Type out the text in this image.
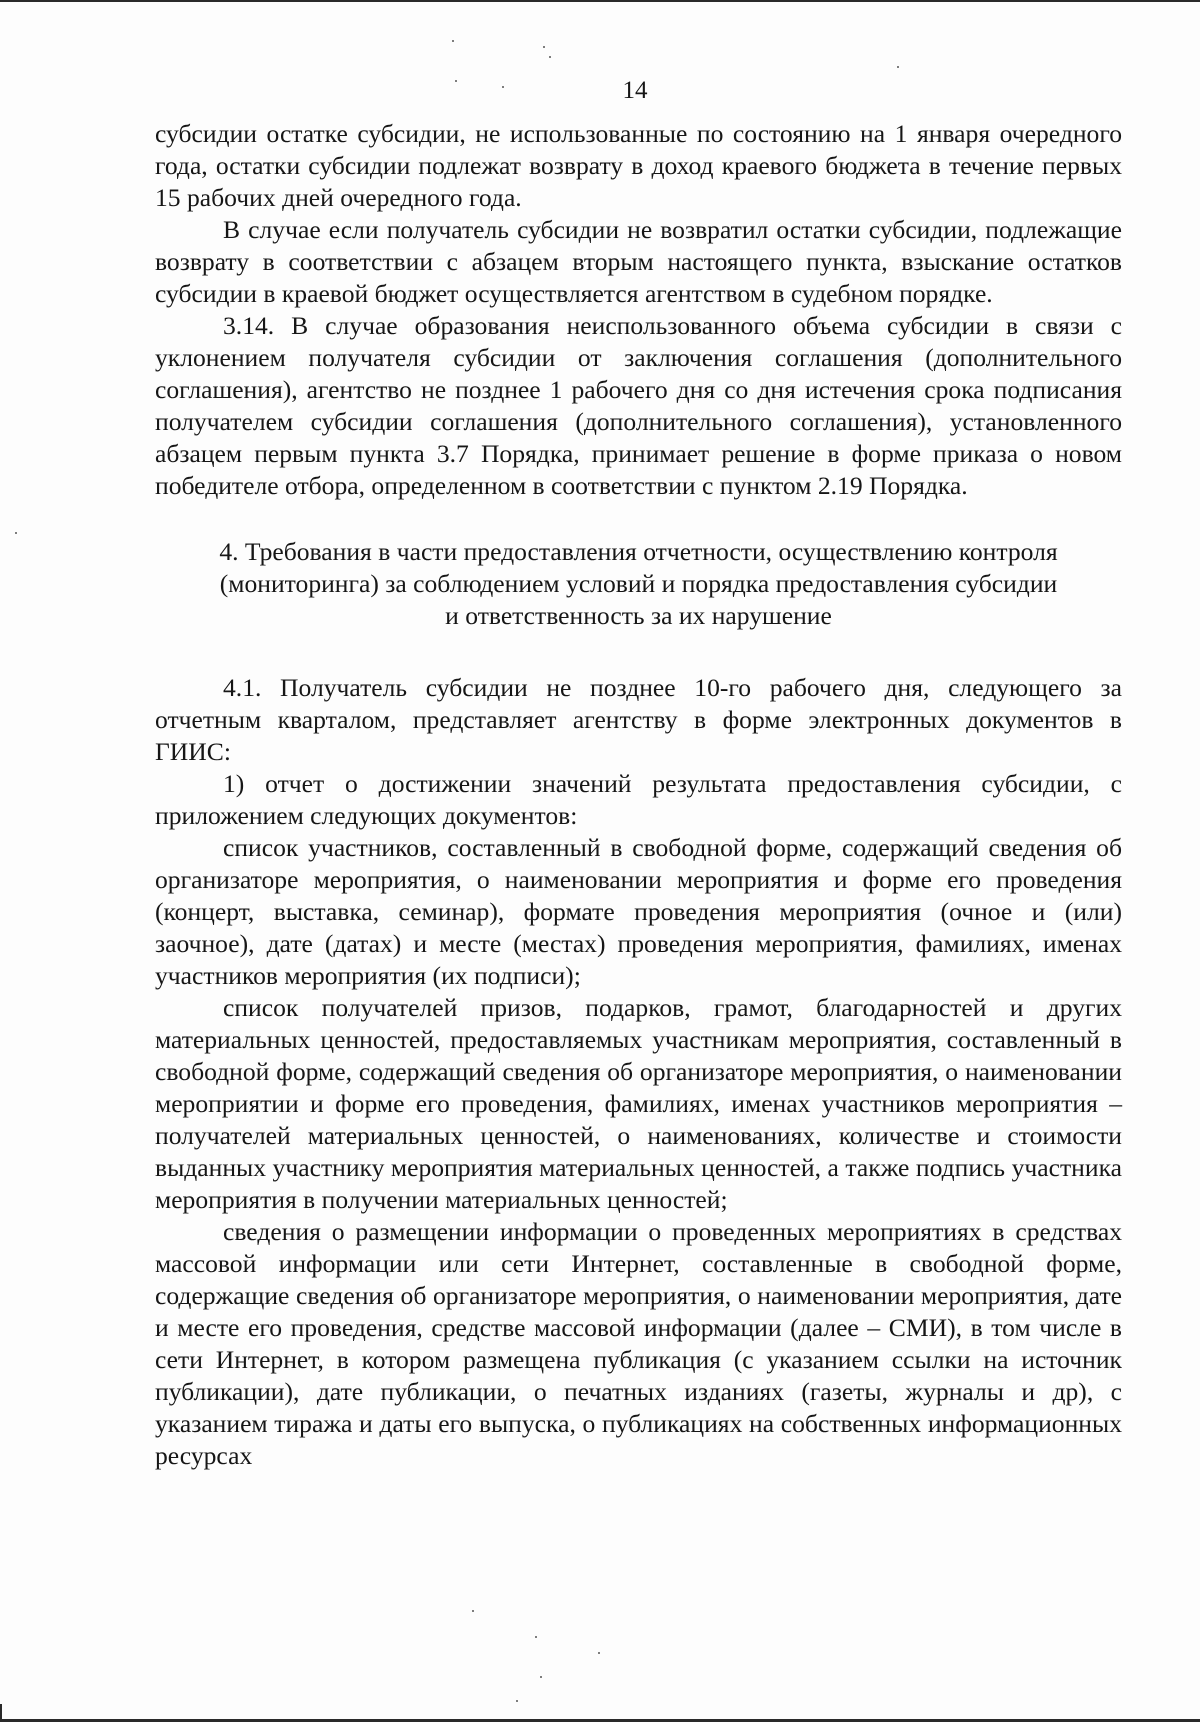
14

субсидии остатке субсидии, не использованные по состоянию на 1 января очередного года, остатки субсидии подлежат возврату в доход краевого бюджета в течение первых 15 рабочих дней очередного года.

В случае если получатель субсидии не возвратил остатки субсидии, подлежащие возврату в соответствии с абзацем вторым настоящего пункта, взыскание остатков субсидии в краевой бюджет осуществляется агентством в судебном порядке.

3.14. В случае образования неиспользованного объема субсидии в связи с уклонением получателя субсидии от заключения соглашения (дополнительного соглашения), агентство не позднее 1 рабочего дня со дня истечения срока подписания получателем субсидии соглашения (дополнительного соглашения), установленного абзацем первым пункта 3.7 Порядка, принимает решение в форме приказа о новом победителе отбора, определенном в соответствии с пунктом 2.19 Порядка.

4. Требования в части предоставления отчетности, осуществлению контроля
(мониторинга) за соблюдением условий и порядка предоставления субсидии
и ответственность за их нарушение

4.1. Получатель субсидии не позднее 10-го рабочего дня, следующего за отчетным кварталом, представляет агентству в форме электронных документов в ГИИС:

1) отчет о достижении значений результата предоставления субсидии, с приложением следующих документов:

список участников, составленный в свободной форме, содержащий сведения об организаторе мероприятия, о наименовании мероприятия и форме его проведения (концерт, выставка, семинар), формате проведения мероприятия (очное и (или) заочное), дате (датах) и месте (местах) проведения мероприятия, фамилиях, именах участников мероприятия (их подписи);

список получателей призов, подарков, грамот, благодарностей и других материальных ценностей, предоставляемых участникам мероприятия, составленный в свободной форме, содержащий сведения об организаторе мероприятия, о наименовании мероприятии и форме его проведения, фамилиях, именах участников мероприятия – получателей материальных ценностей, о наименованиях, количестве и стоимости выданных участнику мероприятия материальных ценностей, а также подпись участника мероприятия в получении материальных ценностей;

сведения о размещении информации о проведенных мероприятиях в средствах массовой информации или сети Интернет, составленные в свободной форме, содержащие сведения об организаторе мероприятия, о наименовании мероприятия, дате и месте его проведения, средстве массовой информации (далее – СМИ), в том числе в сети Интернет, в котором размещена публикация (с указанием ссылки на источник публикации), дате публикации, о печатных изданиях (газеты, журналы и др), с указанием тиража и даты его выпуска, о публикациях на собственных информационных ресурсах
